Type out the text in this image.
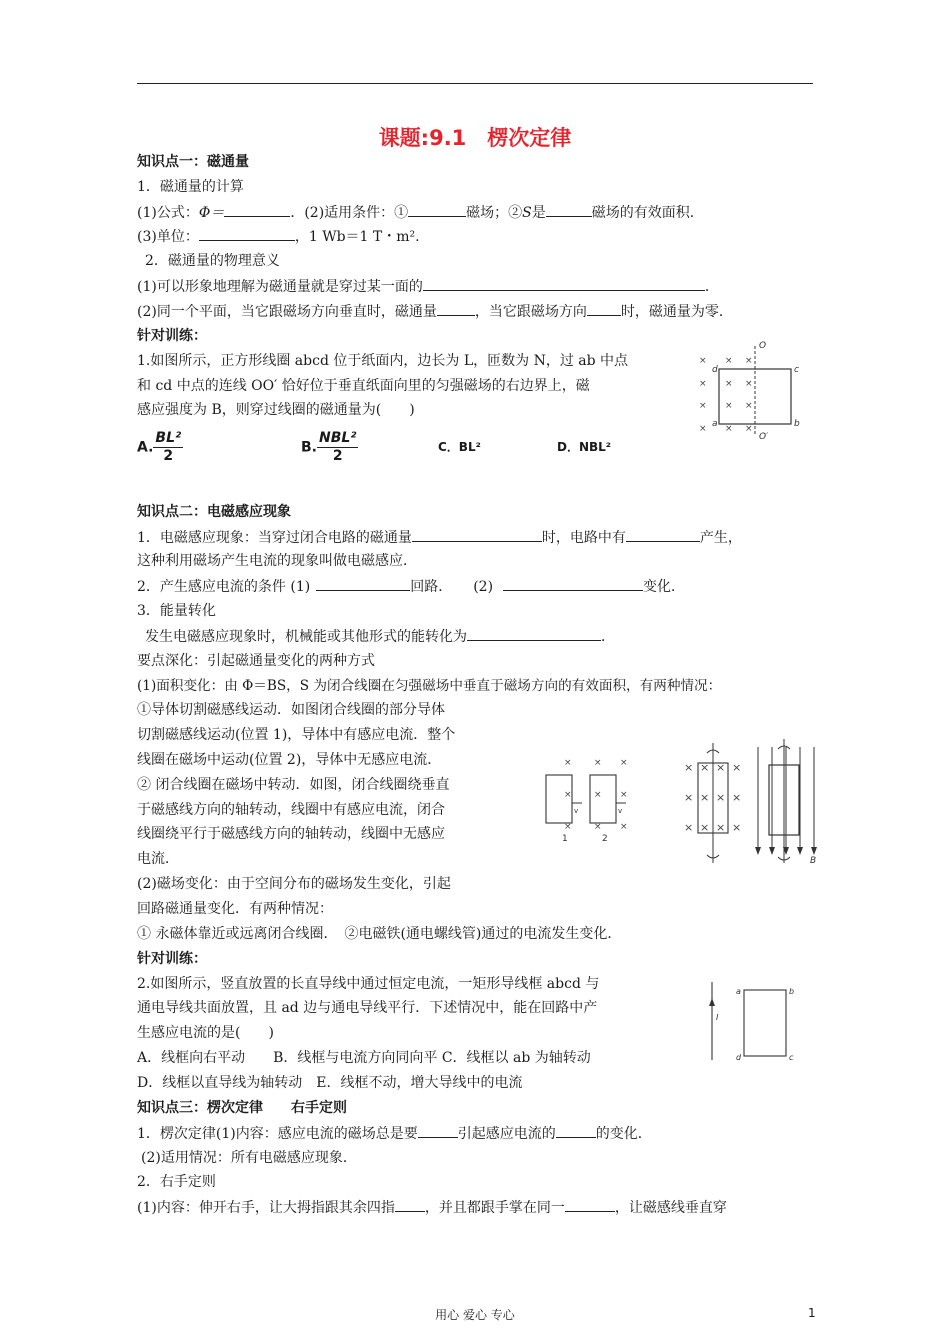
课题:9.1　楞次定律
知识点一：磁通量
1．磁通量的计算
(1)公式：Φ＝	．(2)适用条件：①	磁场；②S是	磁场的有效面积．
(3)单位：	，1 Wb＝1 T・m².
2．磁通量的物理意义
(1)可以形象地理解为磁通量就是穿过某一面的	．
(2)同一个平面，当它跟磁场方向垂直时，磁通量	，当它跟磁场方向 时，磁通量为零．
针对训练：
1.如图所示，正方形线圈 abcd 位于纸面内，边长为 L，匝数为 N，过 ab 中点
和 cd 中点的连线 OO′ 恰好位于垂直纸面向里的匀强磁场的右边界上，磁
感应强度为 B，则穿过线圈的磁通量为(　　)
A. $\frac{\text{BL²}}{2}$	B. $\frac{\text{NBL²}}{2}$	C．BL²	D．NBL²
× × ×
× × ×
× × ×
× × ×
O
O′
d	c
a	b
知识点二：电磁感应现象
1．电磁感应现象：当穿过闭合电路的磁通量	时，电路中有	产生，
这种利用磁场产生电流的现象叫做电磁感应．
2．产生感应电流的条件 (1)	回路．　　(2)	变化．
3．能量转化
发生电磁感应现象时，机械能或其他形式的能转化为	．
要点深化：引起磁通量变化的两种方式
(1)面积变化：由 Φ＝BS，S 为闭合线圈在匀强磁场中垂直于磁场方向的有效面积，有两种情况：
①导体切割磁感线运动．如图闭合线圈的部分导体
切割磁感线运动(位置 1)，导体中有感应电流．整个
线圈在磁场中运动(位置 2)，导体中无感应电流．
② 闭合线圈在磁场中转动．如图，闭合线圈绕垂直
于磁感线方向的轴转动，线圈中有感应电流，闭合
线圈绕平行于磁感线方向的轴转动，线圈中无感应
电流．
(2)磁场变化：由于空间分布的磁场发生变化，引起
回路磁通量变化．有两种情况：
① 永磁体靠近或远离闭合线圈．　②电磁铁(通电螺线管)通过的电流发生变化．
× × ×
× × ×
× × ×
v	v
1	2
× × × ×
× × × ×
× × × ×
B
针对训练：
2.如图所示，竖直放置的长直导线中通过恒定电流，一矩形导线框 abcd 与
通电导线共面放置，且 ad 边与通电导线平行．下述情况中，能在回路中产
生感应电流的是(　　)
A．线框向右平动　　B．线框与电流方向同向平 C．线框以 ab 为轴转动
D．线框以直导线为轴转动　E．线框不动，增大导线中的电流
I
a	b
d	c
知识点三：楞次定律　　右手定则
1．楞次定律(1)内容：感应电流的磁场总是要	引起感应电流的	的变化．
(2)适用情况：所有电磁感应现象．
2．右手定则
(1)内容：伸开右手，让大拇指跟其余四指 ，并且都跟手掌在同一	，让磁感线垂直穿
用心 爱心 专心	1
